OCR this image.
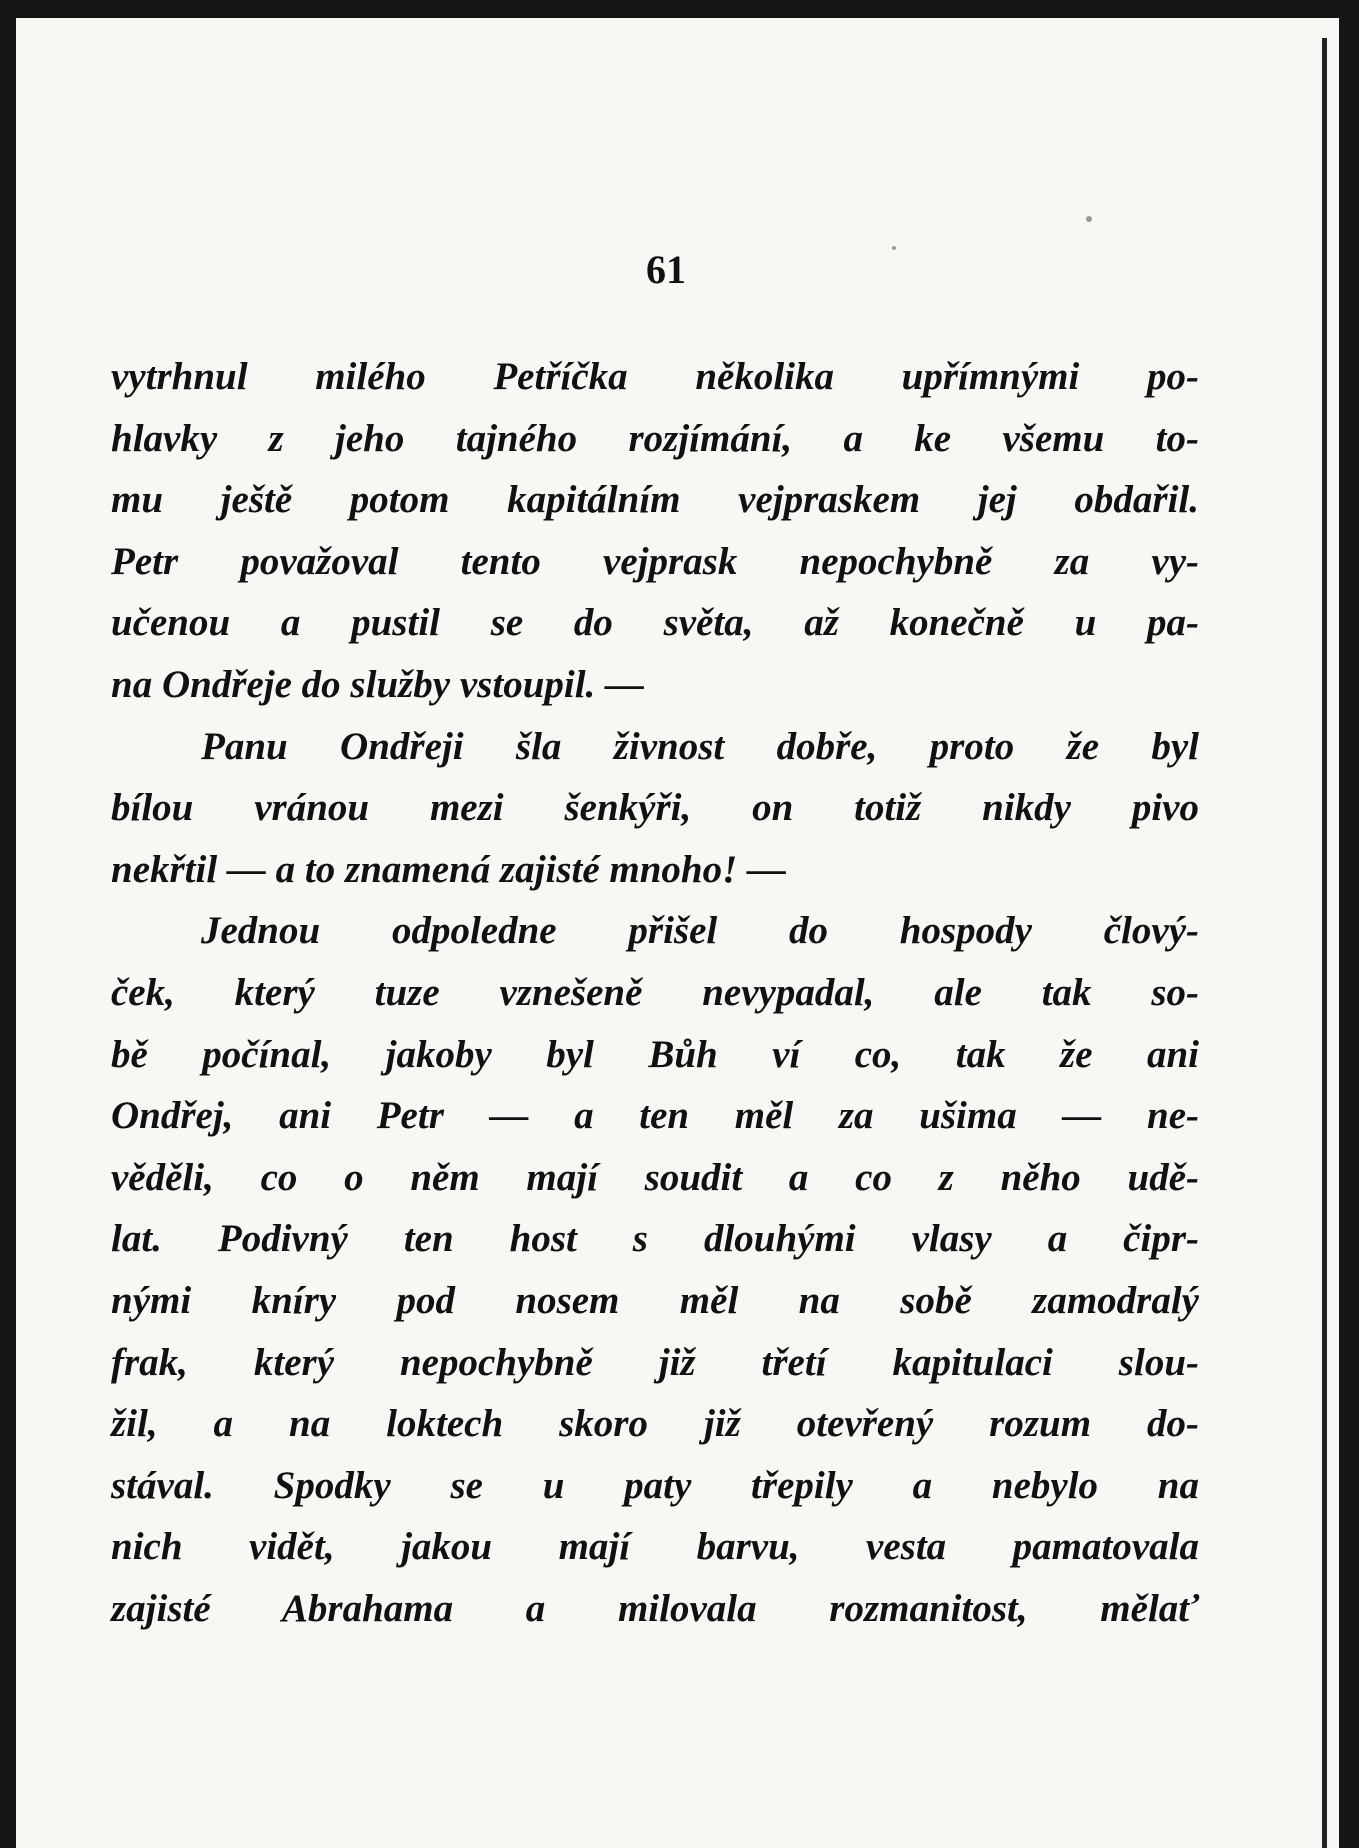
61
vytrhnul milého Petříčka několika upřímnými po-
hlavky z jeho tajného rozjímání, a ke všemu to-
mu ještě potom kapitálním vejpraskem jej obdařil.
Petr považoval tento vejprask nepochybně za vy-
učenou a pustil se do světa, až konečně u pa-
na Ondřeje do služby vstoupil. —
Panu Ondřeji šla živnost dobře, proto že byl
bílou vránou mezi šenkýři, on totiž nikdy pivo
nekřtil — a to znamená zajisté mnoho! —
Jednou odpoledne přišel do hospody člový-
ček, který tuze vznešeně nevypadal, ale tak so-
bě počínal, jakoby byl Bůh ví co, tak že ani
Ondřej, ani Petr — a ten měl za ušima — ne-
věděli, co o něm mají soudit a co z něho udě-
lat. Podivný ten host s dlouhými vlasy a čipr-
nými kníry pod nosem měl na sobě zamodralý
frak, který nepochybně již třetí kapitulaci slou-
žil, a na loktech skoro již otevřený rozum do-
stával. Spodky se u paty třepily a nebylo na
nich vidět, jakou mají barvu, vesta pamatovala
zajisté Abrahama a milovala rozmanitost, mělať
